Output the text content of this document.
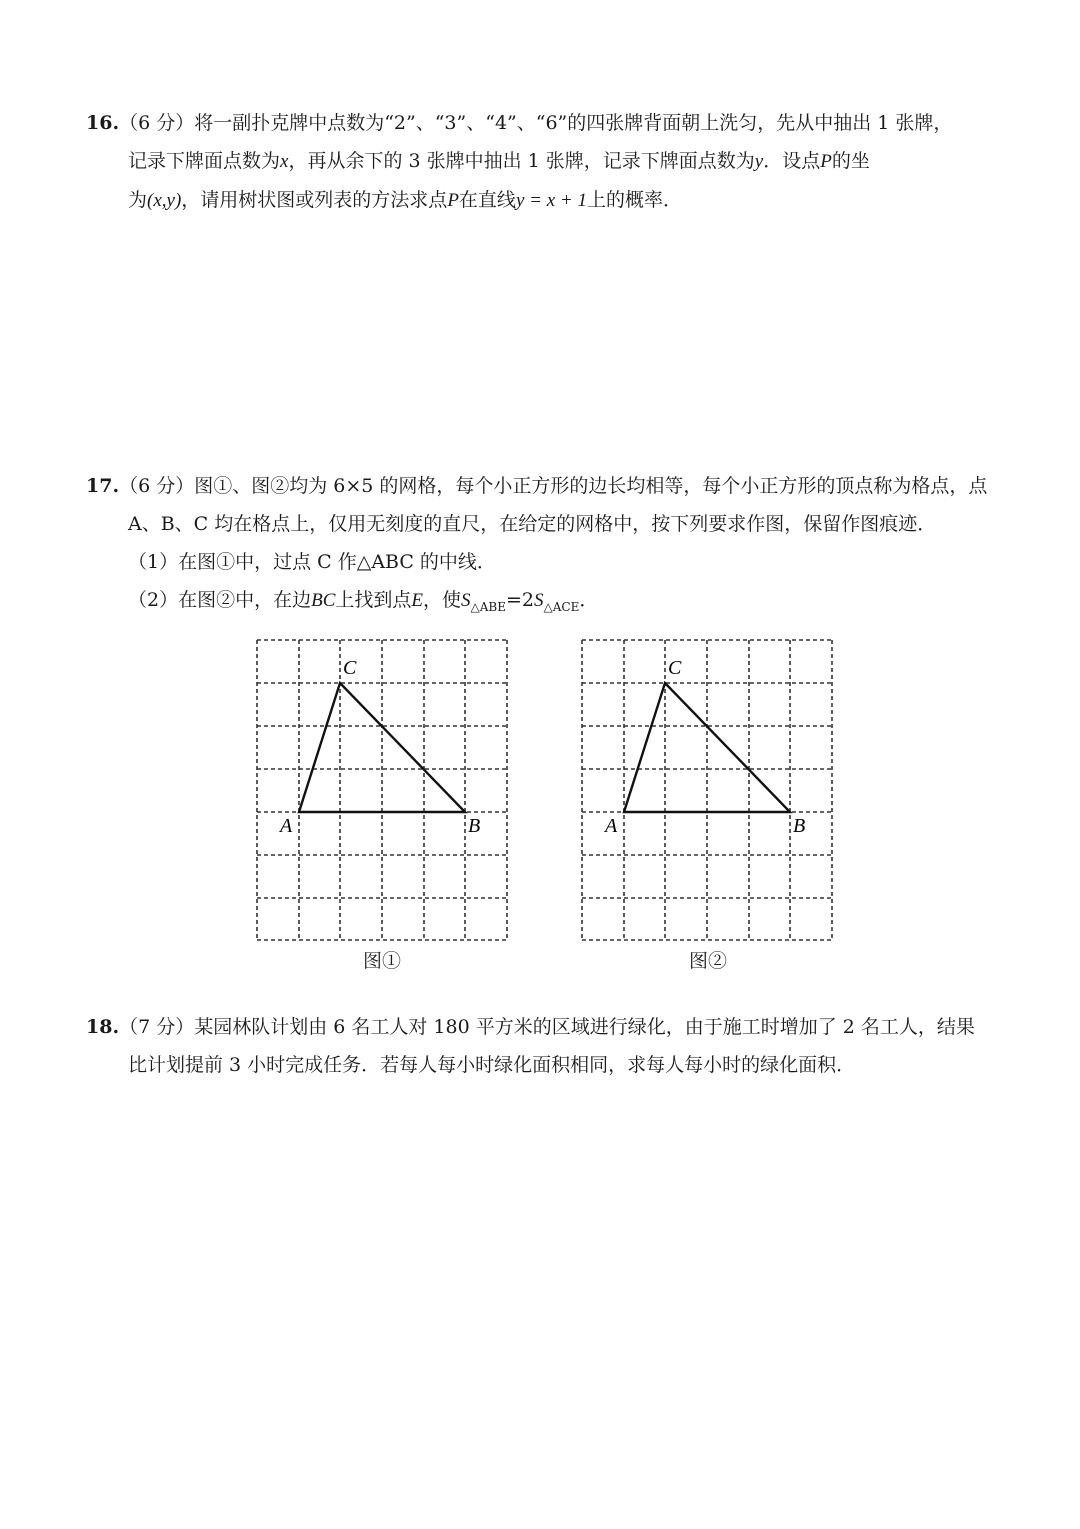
16.（6 分）将一副扑克牌中点数为“2”、“3”、“4”、“6”的四张牌背面朝上洗匀，先从中抽出 1 张牌，

记录下牌面点数为x，再从余下的 3 张牌中抽出 1 张牌，记录下牌面点数为y．设点P的坐

为(x,y)，请用树状图或列表的方法求点P在直线y = x + 1上的概率．

17.（6 分）图①、图②均为 6×5 的网格，每个小正方形的边长均相等，每个小正方形的顶点称为格点，点

A、B、C 均在格点上，仅用无刻度的直尺，在给定的网格中，按下列要求作图，保留作图痕迹．

（1）在图①中，过点 C 作△ABC 的中线．

（2）在图②中，在边BC上找到点E，使$S_{\triangle ABE}=2S_{\triangle ACE}$．

A	B
C
图①
A	B
C
图②

18.（7 分）某园林队计划由 6 名工人对 180 平方米的区域进行绿化，由于施工时增加了 2 名工人，结果

比计划提前 3 小时完成任务．若每人每小时绿化面积相同，求每人每小时的绿化面积．
